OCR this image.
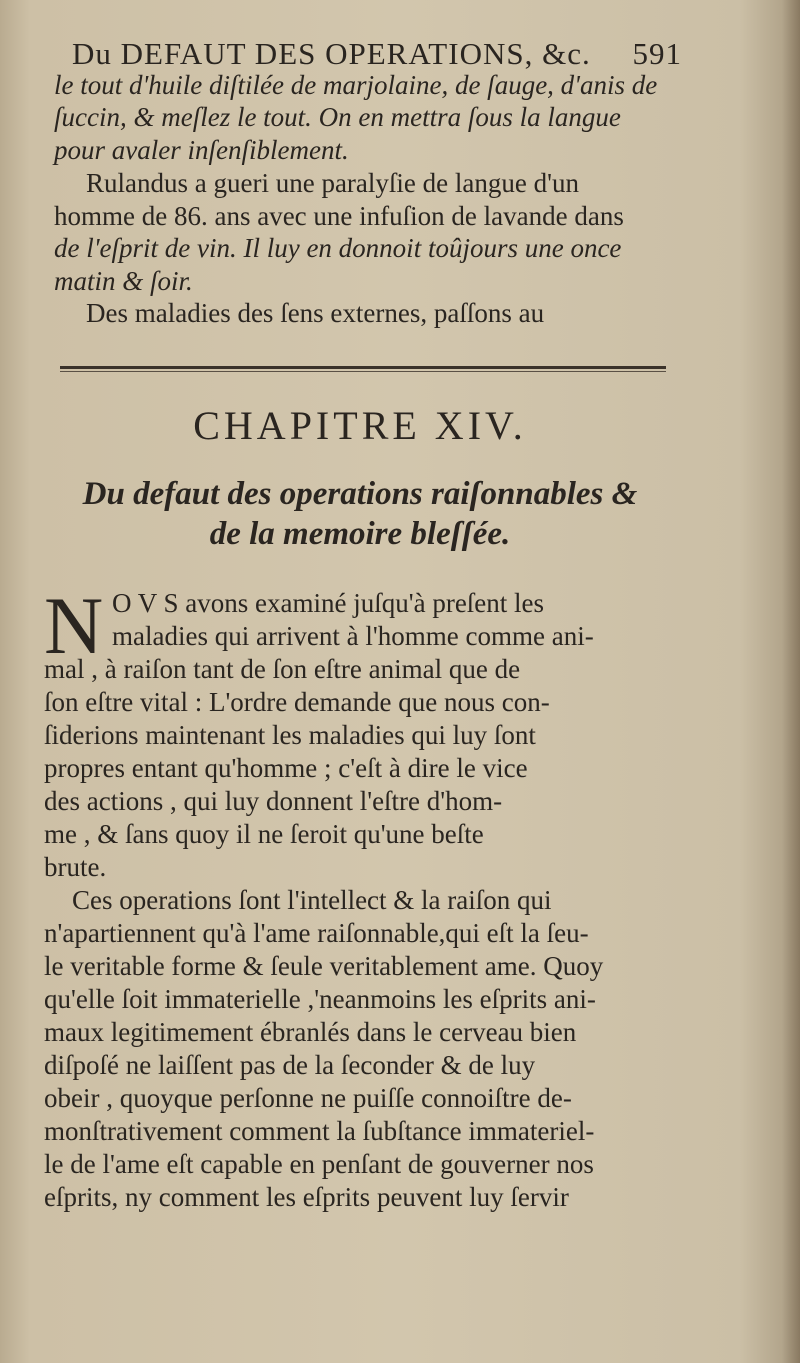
Du DEFAUT DES OPERATIONS, &c. 591
le tout d'huile diſtilée de marjolaine, de ſauge, d'anis de
ſuccin, & meſlez le tout. On en mettra ſous la langue
pour avaler inſenſiblement.
Rulandus a gueri une paralyſie de langue d'un
homme de 86. ans avec une infuſion de lavande dans
de l'eſprit de vin. Il luy en donnoit toûjours une once
matin & ſoir.
Des maladies des ſens externes, paſſons au
CHAPITRE XIV.
Du defaut des operations raiſonnables &
de la memoire bleſſée.
N O V S avons examiné juſqu'à preſent les
maladies qui arrivent à l'homme comme ani-
mal , à raiſon tant de ſon eſtre animal que de
ſon eſtre vital : L'ordre demande que nous con-
ſiderions maintenant les maladies qui luy ſont
propres entant qu'homme ; c'eſt à dire le vice
des actions , qui luy donnent l'eſtre d'hom-
me , & ſans quoy il ne ſeroit qu'une beſte
brute.
Ces operations ſont l'intellect & la raiſon qui
n'apartiennent qu'à l'ame raiſonnable,qui eſt la ſeu-
le veritable forme & ſeule veritablement ame. Quoy
qu'elle ſoit immaterielle ,'neanmoins les eſprits ani-
maux legitimement ébranlés dans le cerveau bien
diſpoſé ne laiſſent pas de la ſeconder & de luy
obeir , quoyque perſonne ne puiſſe connoiſtre de-
monſtrativement comment la ſubſtance immateriel-
le de l'ame eſt capable en penſant de gouverner nos
eſprits, ny comment les eſprits peuvent luy ſervir
